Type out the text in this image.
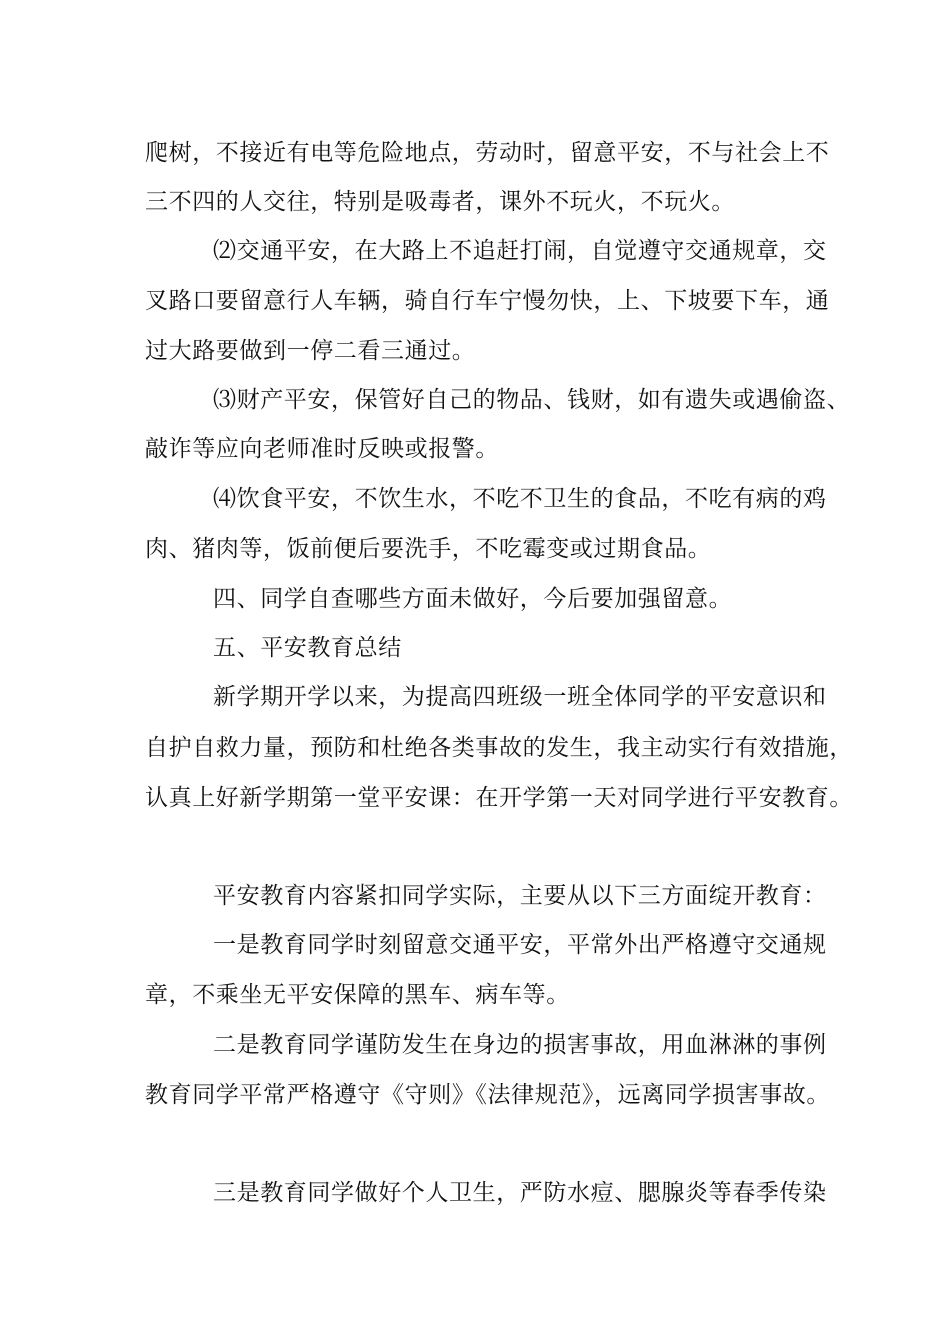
爬树，不接近有电等危险地点，劳动时，留意平安，不与社会上不
三不四的人交往，特别是吸毒者，课外不玩火，不玩火。
⑵交通平安，在大路上不追赶打闹，自觉遵守交通规章，交
叉路口要留意行人车辆，骑自行车宁慢勿快，上、下坡要下车，通
过大路要做到一停二看三通过。
⑶财产平安，保管好自己的物品、钱财，如有遗失或遇偷盗、
敲诈等应向老师准时反映或报警。
⑷饮食平安，不饮生水，不吃不卫生的食品，不吃有病的鸡
肉、猪肉等，饭前便后要洗手，不吃霉变或过期食品。
四、同学自查哪些方面未做好，今后要加强留意。
五、平安教育总结
新学期开学以来，为提高四班级一班全体同学的平安意识和
自护自救力量，预防和杜绝各类事故的发生，我主动实行有效措施，
认真上好新学期第一堂平安课：在开学第一天对同学进行平安教育。
平安教育内容紧扣同学实际，主要从以下三方面绽开教育：
一是教育同学时刻留意交通平安，平常外出严格遵守交通规
章，不乘坐无平安保障的黑车、病车等。
二是教育同学谨防发生在身边的损害事故，用血淋淋的事例
教育同学平常严格遵守《守则》《法律规范》，远离同学损害事故。
三是教育同学做好个人卫生，严防水痘、腮腺炎等春季传染
